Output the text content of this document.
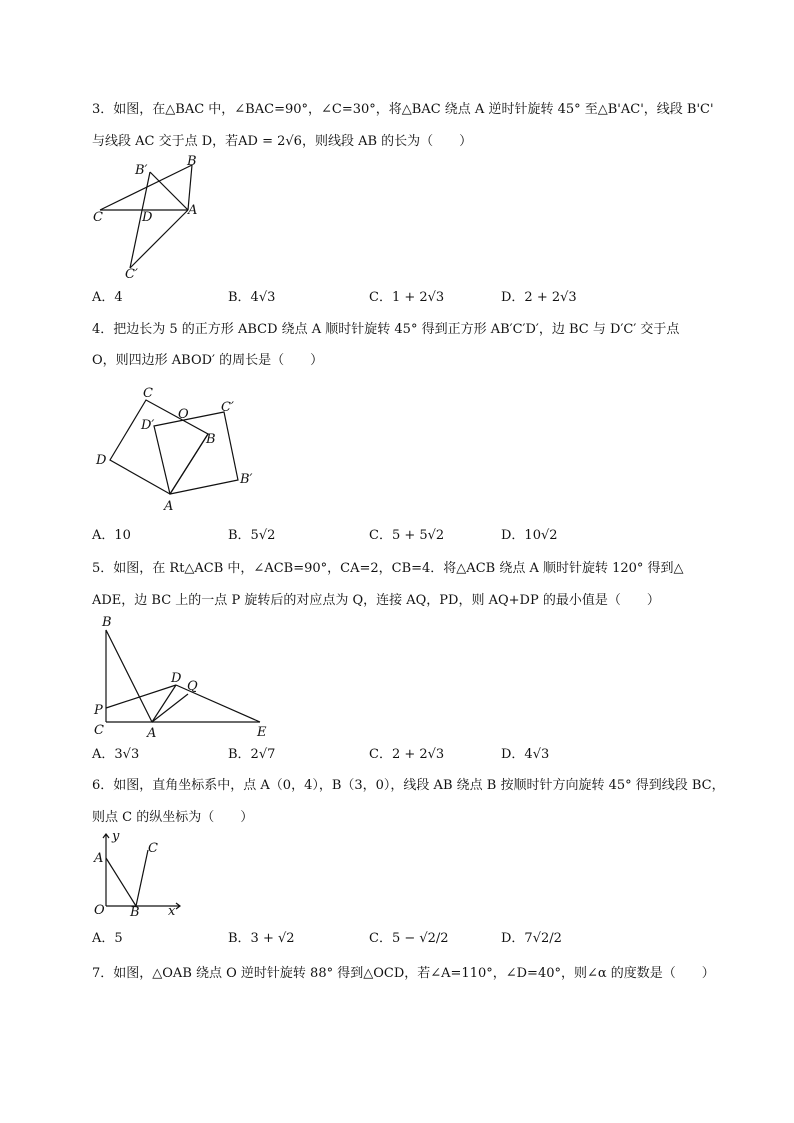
3．如图，在△BAC 中，∠BAC=90°，∠C=30°，将△BAC 绕点 A 逆时针旋转 45° 至△B'AC'，线段 B'C'
与线段 AC 交于点 D，若AD = 2√6，则线段 AB 的长为（　　）
B′
B
C	D	A
C′
A．4	B．4√3	C．1 + 2√3	D．2 + 2√3
4．把边长为 5 的正方形 ABCD 绕点 A 顺时针旋转 45° 得到正方形 AB′C′D′，边 BC 与 D′C′ 交于点
O，则四边形 ABOD′ 的周长是（　　）
C
O C′
D′
B
D
B′
A
A．10	B．5√2	C．5 + 5√2	D．10√2
5．如图，在 Rt△ACB 中，∠ACB=90°，CA=2，CB=4．将△ACB 绕点 A 顺时针旋转 120° 得到△
ADE，边 BC 上的一点 P 旋转后的对应点为 Q，连接 AQ，PD，则 AQ+DP 的最小值是（　　）
B
D
Q
P
C	A	E
A．3√3	B．2√7	C．2 + 2√3	D．4√3
6．如图，直角坐标系中，点 A（0，4），B（3，0），线段 AB 绕点 B 按顺时针方向旋转 45° 得到线段 BC，
则点 C 的纵坐标为（　　）
y
A
C
O B x
A．5	B．3 + √2	C．5 − √2/2	D．7√2/2
7．如图，△OAB 绕点 O 逆时针旋转 88° 得到△OCD，若∠A=110°，∠D=40°，则∠α 的度数是（　　）
